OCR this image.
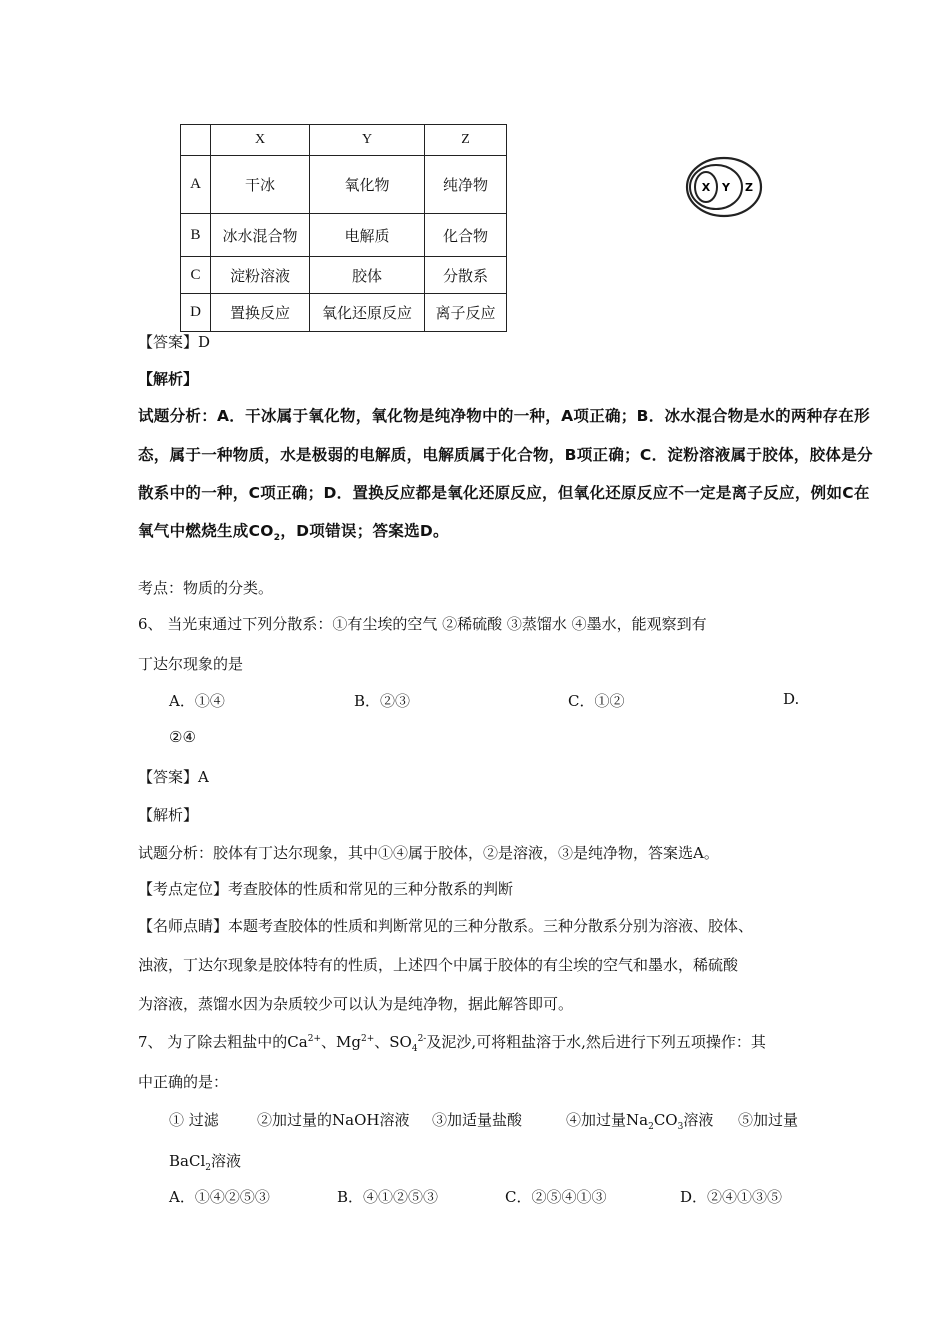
	X	Y	Z
A	干冰	氧化物	纯净物
B	冰水混合物	电解质	化合物
C	淀粉溶液	胶体	分散系
D	置换反应	氧化还原反应	离子反应
X Y Z
【答案】D
【解析】
试题分析：A．干冰属于氧化物，氧化物是纯净物中的一种，A项正确；B．冰水混合物是水的两种存在形
态，属于一种物质，水是极弱的电解质，电解质属于化合物，B项正确；C．淀粉溶液属于胶体，胶体是分
散系中的一种，C项正确；D．置换反应都是氧化还原反应，但氧化还原反应不一定是离子反应，例如C在
氧气中燃烧生成$CO_2$，D项错误；答案选D。
考点：物质的分类。
6、 当光束通过下列分散系：①有尘埃的空气 ②稀硫酸 ③蒸馏水 ④墨水，能观察到有
丁达尔现象的是
A．①④	B．②③	C．①②	D.
②④
【答案】A
【解析】
试题分析：胶体有丁达尔现象，其中①④属于胶体，②是溶液，③是纯净物，答案选A。
【考点定位】考查胶体的性质和常见的三种分散系的判断
【名师点睛】本题考查胶体的性质和判断常见的三种分散系。三种分散系分别为溶液、胶体、
浊液，丁达尔现象是胶体特有的性质，上述四个中属于胶体的有尘埃的空气和墨水，稀硫酸
为溶液，蒸馏水因为杂质较少可以认为是纯净物，据此解答即可。
7、 为了除去粗盐中的$Ca^{2+}$、$Mg^{2+}$、$SO_4^{2-}$及泥沙,可将粗盐溶于水,然后进行下列五项操作：其
中正确的是：
① 过滤	②加过量的NaOH溶液 ③加适量盐酸	④加过量$Na_2CO_3$溶液 ⑤加过量
BaCl$_2$溶液
A．①④②⑤③	B．④①②⑤③	C．②⑤④①③	D．②④①③⑤
